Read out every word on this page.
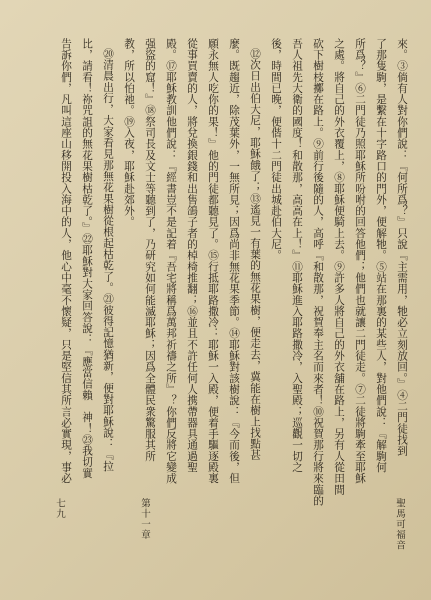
來。③倘有人對你們說：『何所爲？』只說『主需用，牠必立刻放回。』④二門徒找到
了那隻駒，是繫在十字路口的門外，便解牠。⑤站在那裏的某些人，對他們說：『解駒何
所爲？』⑥二門徒乃照耶穌所吩咐的回答他們；他們也就讓二門徒走。⑦二徒將駒牽至耶穌
之處。將自己的外衣覆上，⑧耶穌便騎上去。⑨許多人將自己的外衣舖在路上，另有人從田間
砍下樹枝擲在路上。⑨前行後隨的人，高呼『和散那，祝賀奉主名而來者！⑩祝賀那行將來臨的
吾人祖先大衛的國度！和散那，高高在上！』⑪耶穌進入耶路撒冷，入聖殿；巡觀一切之
後，時間已晚，便偕十二門徒出城赴伯大尼。
⑫次日出伯大尼，耶穌餓了；⑬遙見一有葉的無花果樹，便走去，冀能在樹上找點甚
麼。既趨近，除茂葉外，一無所見；因爲尚非無花果季節。⑭耶穌對該樹說：『今而後，但
願永無人吃你的果！』他的門徒都聽見了。⑮行抵耶路撒冷：耶穌一入殿，便着手驅逐殿裏
從事買賣的人，將兌換銀錢和出售鴿子者的棹椅推翻；⑯並且不許任何人携帶器具通過聖
殿。⑰耶穌教訓他們說：『經書豈不是記着『吾宅將稱爲萬邦祈禱之所』？你們反將它變成
强盜的窟！』⑱祭司長及文士等聽到了，乃研究如何能滅耶穌；因爲全體民衆驚服其所
教，所以怕祂。⑲入夜，耶穌赴郊外。
⑳清晨出行，大家看見那無花果樹從根起枯乾了。㉑彼得記憶猶新，便對耶穌說：『拉
比，請看！祢咒詛的無花果樹枯乾了。』㉒耶穌對大家回答說：『應當信賴　神！㉓我切實
告訴你們，凡叫這座山移開投入海中的人，他心中毫不懷疑，只是堅信其所言必實現，事必
聖馬可福音
第十一章
七九
